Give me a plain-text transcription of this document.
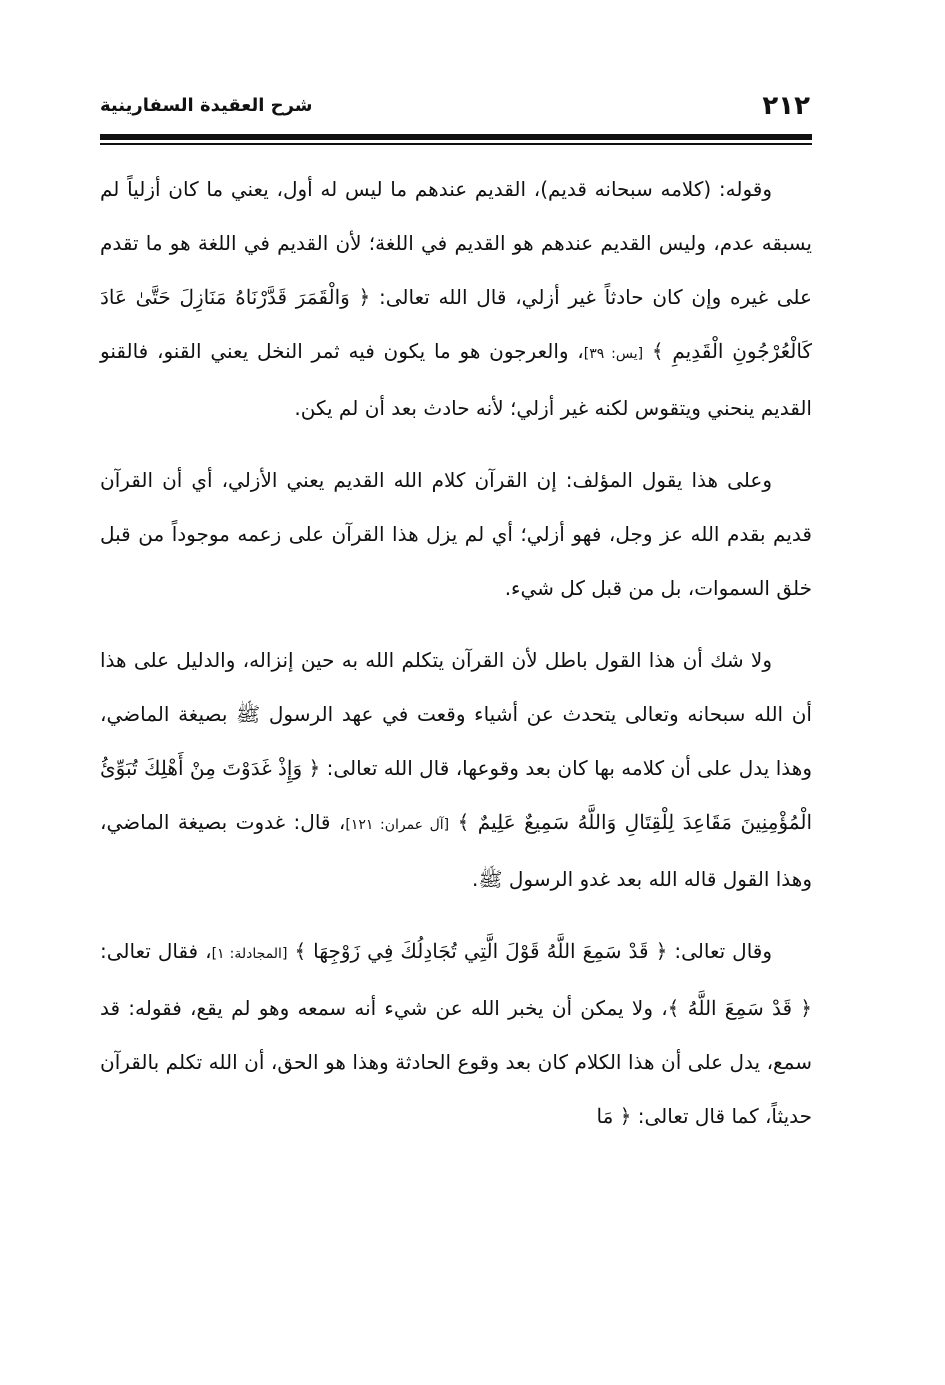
٢١٢
شرح العقيدة السفارينية
وقوله: (كلامه سبحانه قديم)، القديم عندهم ما ليس له أول، يعني ما كان أزلياً لم يسبقه عدم، وليس القديم عندهم هو القديم في اللغة؛ لأن القديم في اللغة هو ما تقدم على غيره وإن كان حادثاً غير أزلي، قال الله تعالى: ﴿ وَالْقَمَرَ قَدَّرْنَاهُ مَنَازِلَ حَتَّىٰ عَادَ كَالْعُرْجُونِ الْقَدِيمِ ﴾ [يس: ٣٩]، والعرجون هو ما يكون فيه ثمر النخل يعني القنو، فالقنو القديم ينحني ويتقوس لكنه غير أزلي؛ لأنه حادث بعد أن لم يكن.
وعلى هذا يقول المؤلف: إن القرآن كلام الله القديم يعني الأزلي، أي أن القرآن قديم بقدم الله عز وجل، فهو أزلي؛ أي لم يزل هذا القرآن على زعمه موجوداً من قبل خلق السموات، بل من قبل كل شيء.
ولا شك أن هذا القول باطل لأن القرآن يتكلم الله به حين إنزاله، والدليل على هذا أن الله سبحانه وتعالى يتحدث عن أشياء وقعت في عهد الرسول ﷺ بصيغة الماضي، وهذا يدل على أن كلامه بها كان بعد وقوعها، قال الله تعالى: ﴿ وَإِذْ غَدَوْتَ مِنْ أَهْلِكَ تُبَوِّئُ الْمُؤْمِنِينَ مَقَاعِدَ لِلْقِتَالِ وَاللَّهُ سَمِيعٌ عَلِيمٌ ﴾ [آل عمران: ١٢١]، قال: غدوت بصيغة الماضي، وهذا القول قاله الله بعد غدو الرسول ﷺ.
وقال تعالى: ﴿ قَدْ سَمِعَ اللَّهُ قَوْلَ الَّتِي تُجَادِلُكَ فِي زَوْجِهَا ﴾ [المجادلة: ١]، فقال تعالى: ﴿ قَدْ سَمِعَ اللَّهُ ﴾، ولا يمكن أن يخبر الله عن شيء أنه سمعه وهو لم يقع، فقوله: قد سمع، يدل على أن هذا الكلام كان بعد وقوع الحادثة وهذا هو الحق، أن الله تكلم بالقرآن حديثاً، كما قال تعالى: ﴿ مَا
